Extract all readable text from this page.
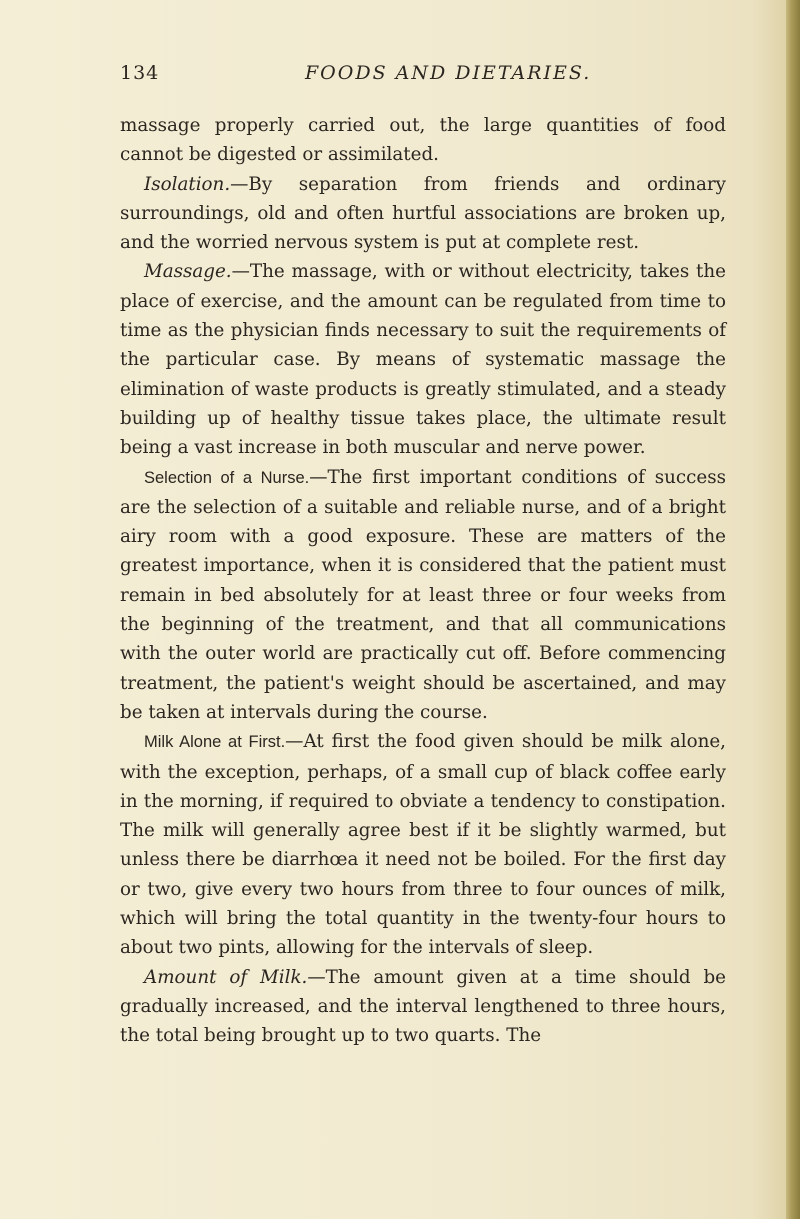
134	FOODS AND DIETARIES.

massage properly carried out, the large quantities of food cannot be digested or assimilated.

Isolation.—By separation from friends and ordinary surroundings, old and often hurtful associations are broken up, and the worried nervous system is put at complete rest.

Massage.—The massage, with or without electricity, takes the place of exercise, and the amount can be regulated from time to time as the physician finds necessary to suit the requirements of the particular case. By means of systematic massage the elimination of waste products is greatly stimulated, and a steady building up of healthy tissue takes place, the ultimate result being a vast increase in both muscular and nerve power.

Selection of a Nurse.—The first important conditions of success are the selection of a suitable and reliable nurse, and of a bright airy room with a good exposure. These are matters of the greatest importance, when it is considered that the patient must remain in bed absolutely for at least three or four weeks from the beginning of the treatment, and that all communications with the outer world are practically cut off. Before commencing treatment, the patient's weight should be ascertained, and may be taken at intervals during the course.

Milk Alone at First.—At first the food given should be milk alone, with the exception, perhaps, of a small cup of black coffee early in the morning, if required to obviate a tendency to constipation. The milk will generally agree best if it be slightly warmed, but unless there be diarrhœa it need not be boiled. For the first day or two, give every two hours from three to four ounces of milk, which will bring the total quantity in the twenty-four hours to about two pints, allowing for the intervals of sleep.

Amount of Milk.—The amount given at a time should be gradually increased, and the interval lengthened to three hours, the total being brought up to two quarts. The
